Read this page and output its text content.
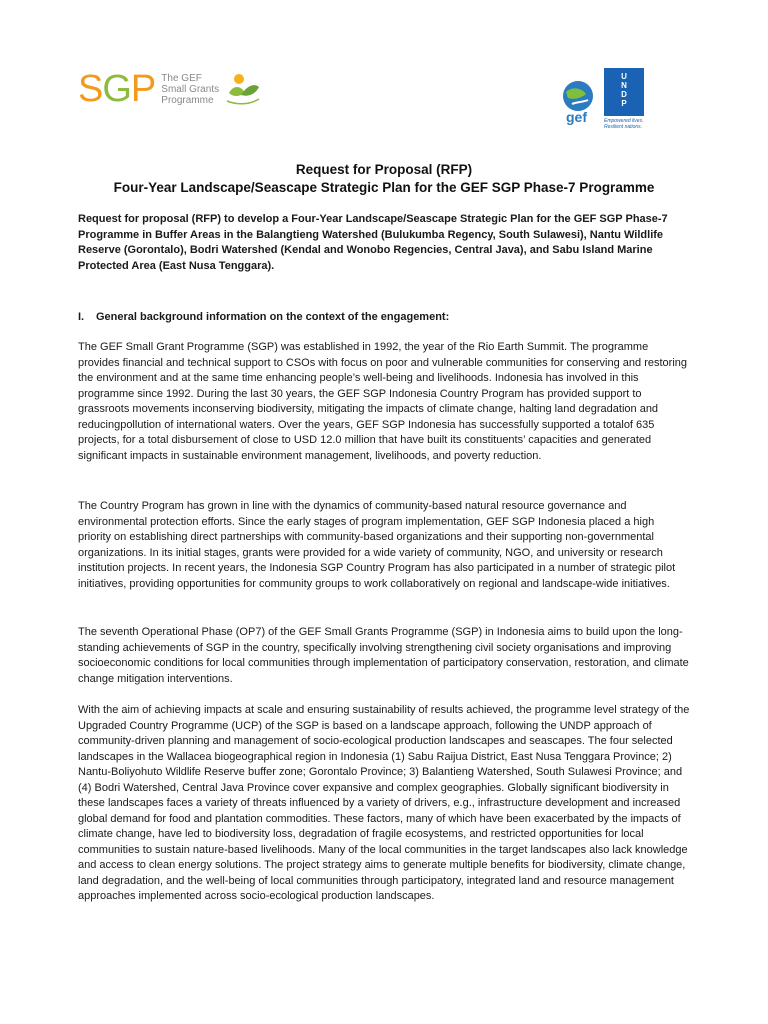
SGP The GEF
Small Grants
Programme
gef
U
N
D
P
Empowered lives. Resilient nations.
Request for Proposal (RFP)
Four-Year Landscape/Seascape Strategic Plan for the GEF SGP Phase-7 Programme
Request for proposal (RFP) to develop a Four-Year Landscape/Seascape Strategic Plan for the GEF SGP Phase-7 Programme in Buffer Areas in the Balangtieng Watershed (Bulukumba Regency, South Sulawesi), Nantu Wildlife Reserve (Gorontalo), Bodri Watershed (Kendal and Wonobo Regencies, Central Java), and Sabu Island Marine Protected Area (East Nusa Tenggara).
I.	General background information on the context of the engagement:
The GEF Small Grant Programme (SGP) was established in 1992, the year of the Rio Earth Summit. The programme provides financial and technical support to CSOs with focus on poor and vulnerable communities for conserving and restoring the environment and at the same time enhancing people’s well-being and livelihoods. Indonesia has involved in this programme since 1992. During the last 30 years, the GEF SGP Indonesia Country Program has provided support to grassroots movements inconserving biodiversity, mitigating the impacts of climate change, halting land degradation and reducingpollution of international waters. Over the years, GEF SGP Indonesia has successfully supported a totalof 635 projects, for a total disbursement of close to USD 12.0 million that have built its constituents’ capacities and generated significant impacts in sustainable environment management, livelihoods, and poverty reduction.
The Country Program has grown in line with the dynamics of community-based natural resource governance and environmental protection efforts. Since the early stages of program implementation, GEF SGP Indonesia placed a high priority on establishing direct partnerships with community-based organizations and their supporting non-governmental organizations. In its initial stages, grants were provided for a wide variety of community, NGO, and university or research institution projects. In recent years, the Indonesia SGP Country Program has also participated in a number of strategic pilot initiatives, providing opportunities for community groups to work collaboratively on regional and landscape-wide initiatives.
The seventh Operational Phase (OP7) of the GEF Small Grants Programme (SGP) in Indonesia aims to build upon the long-standing achievements of SGP in the country, specifically involving strengthening civil society organisations and improving socioeconomic conditions for local communities through implementation of participatory conservation, restoration, and climate change mitigation interventions.
With the aim of achieving impacts at scale and ensuring sustainability of results achieved, the programme level strategy of the Upgraded Country Programme (UCP) of the SGP is based on a landscape approach, following the UNDP approach of community-driven planning and management of socio-ecological production landscapes and seascapes. The four selected landscapes in the Wallacea biogeographical region in Indonesia (1) Sabu Raijua District, East Nusa Tenggara Province; 2) Nantu-Boliyohuto Wildlife Reserve buffer zone; Gorontalo Province; 3) Balantieng Watershed, South Sulawesi Province; and (4) Bodri Watershed, Central Java Province cover expansive and complex geographies. Globally significant biodiversity in these landscapes faces a variety of threats influenced by a variety of drivers, e.g., infrastructure development and increased global demand for food and plantation commodities. These factors, many of which have been exacerbated by the impacts of climate change, have led to biodiversity loss, degradation of fragile ecosystems, and restricted opportunities for local communities to sustain nature-based livelihoods. Many of the local communities in the target landscapes also lack knowledge and access to clean energy solutions. The project strategy aims to generate multiple benefits for biodiversity, climate change, land degradation, and the well-being of local communities through participatory, integrated land and resource management approaches implemented across socio-ecological production landscapes.
